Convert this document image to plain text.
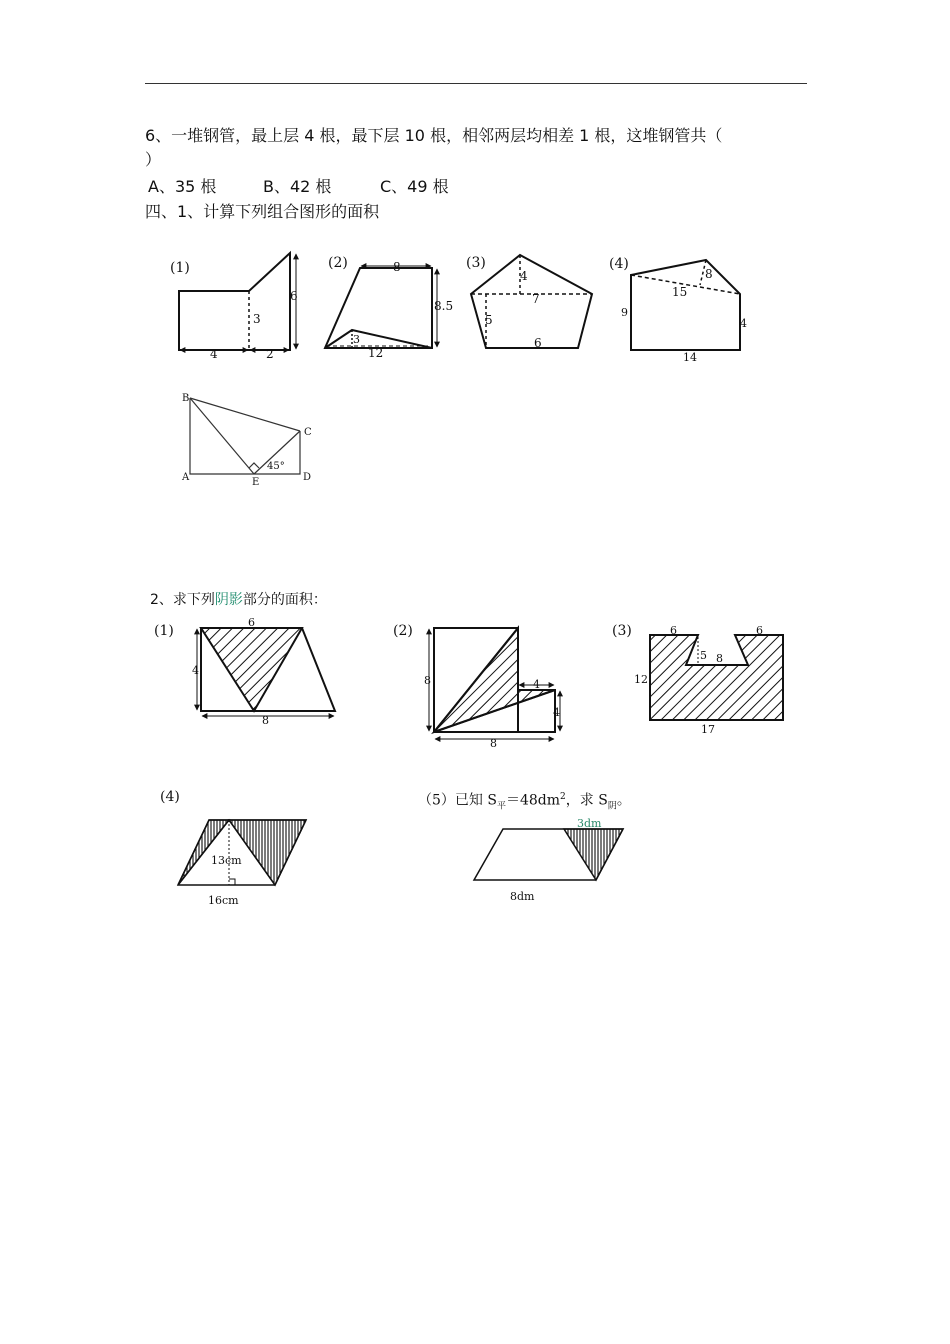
6、一堆钢管，最上层 4 根，最下层 10 根，相邻两层均相差 1 根，这堆钢管共（
）
A、35 根	B、42 根	C、49 根
四、1、计算下列组合图形的面积
2、求下列阴影部分的面积：
（5）已知 $S_平=48dm^2$，求 $S_阴$。
(1)
6
3
4	2
(2)	8
8.5
12
3
(3)
4
7
5
6
(4)
8
15
9
4
14
B
A	E	D
C
45°
(1)
6
4
8
(2)
8	4
4
8
(3)	6	6
5 8
12
17
(4)
13cm
16cm
3dm
8dm
